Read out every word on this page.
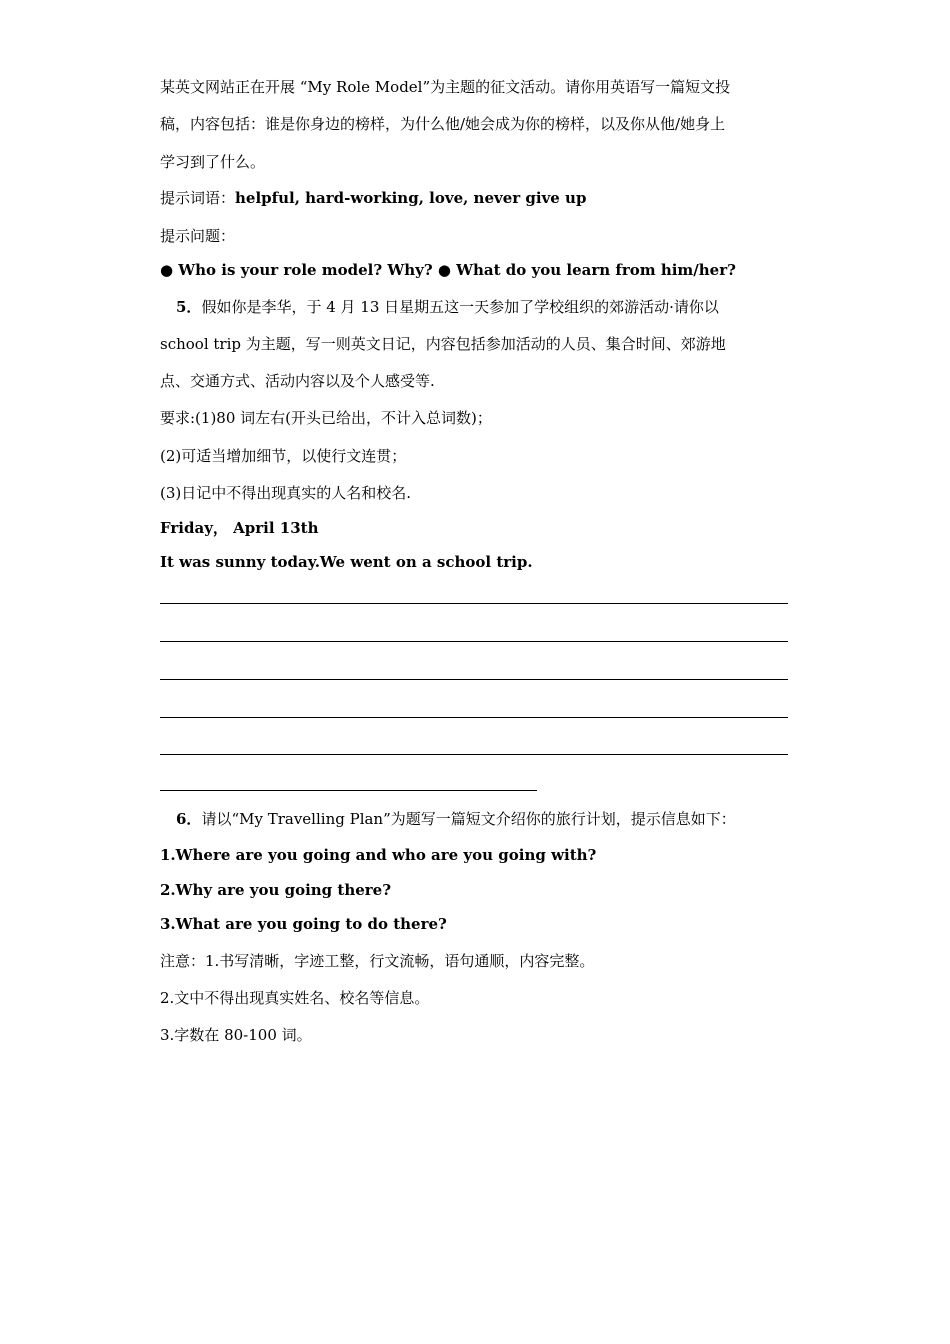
某英文网站正在开展 “My Role Model”为主题的征文活动。请你用英语写一篇短文投
稿，内容包括：谁是你身边的榜样，为什么他/她会成为你的榜样，以及你从他/她身上
学习到了什么。
提示词语：helpful, hard-working, love, never give up
提示问题：
● Who is your role model? Why? ● What do you learn from him/her?
5．假如你是李华，于 4 月 13 日星期五这一天参加了学校组织的郊游活动·请你以
school trip 为主题，写一则英文日记，内容包括参加活动的人员、集合时间、郊游地
点、交通方式、活动内容以及个人感受等.
要求:(1)80 词左右(开头已给出，不计入总词数)；
(2)可适当增加细节，以使行文连贯；
(3)日记中不得出现真实的人名和校名.
Friday， April 13th
It was sunny today.We went on a school trip.
6．请以“My Travelling Plan”为题写一篇短文介绍你的旅行计划，提示信息如下：
1.Where are you going and who are you going with?
2.Why are you going there?
3.What are you going to do there?
注意：1.书写清晰，字迹工整，行文流畅，语句通顺，内容完整。
2.文中不得出现真实姓名、校名等信息。
3.字数在 80-100 词。
